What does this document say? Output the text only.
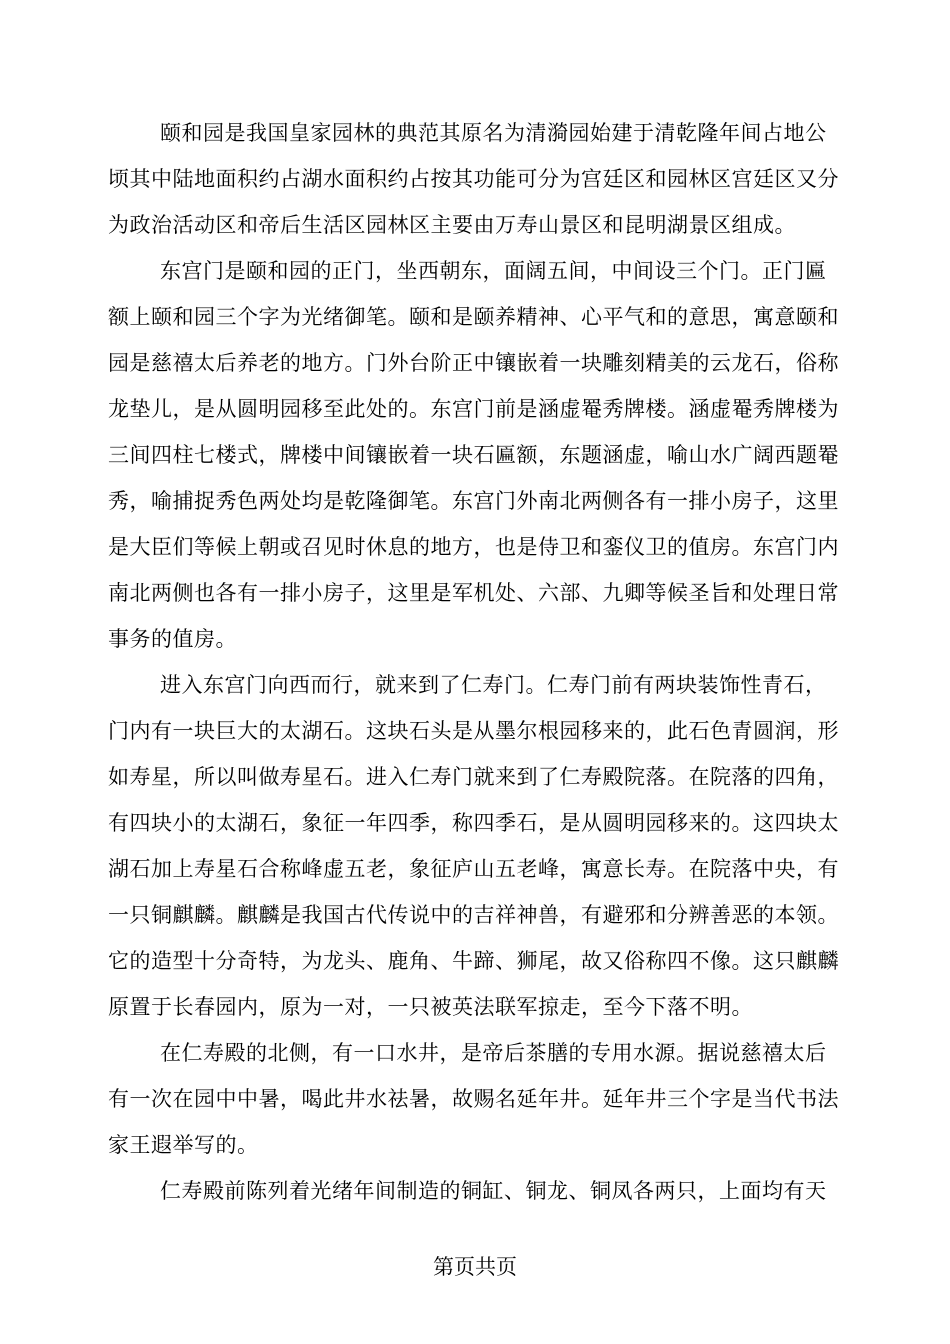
颐和园是我国皇家园林的典范其原名为清漪园始建于清乾隆年间占地公
顷其中陆地面积约占湖水面积约占按其功能可分为宫廷区和园林区宫廷区又分
为政治活动区和帝后生活区园林区主要由万寿山景区和昆明湖景区组成。
东宫门是颐和园的正门，坐西朝东，面阔五间，中间设三个门。正门匾
额上颐和园三个字为光绪御笔。颐和是颐养精神、心平气和的意思，寓意颐和
园是慈禧太后养老的地方。门外台阶正中镶嵌着一块雕刻精美的云龙石，俗称
龙垫儿，是从圆明园移至此处的。东宫门前是涵虚罨秀牌楼。涵虚罨秀牌楼为
三间四柱七楼式，牌楼中间镶嵌着一块石匾额，东题涵虚，喻山水广阔西题罨
秀，喻捕捉秀色两处均是乾隆御笔。东宫门外南北两侧各有一排小房子，这里
是大臣们等候上朝或召见时休息的地方，也是侍卫和銮仪卫的值房。东宫门内
南北两侧也各有一排小房子，这里是军机处、六部、九卿等候圣旨和处理日常
事务的值房。
进入东宫门向西而行，就来到了仁寿门。仁寿门前有两块装饰性青石，
门内有一块巨大的太湖石。这块石头是从墨尔根园移来的，此石色青圆润，形
如寿星，所以叫做寿星石。进入仁寿门就来到了仁寿殿院落。在院落的四角，
有四块小的太湖石，象征一年四季，称四季石，是从圆明园移来的。这四块太
湖石加上寿星石合称峰虚五老，象征庐山五老峰，寓意长寿。在院落中央，有
一只铜麒麟。麒麟是我国古代传说中的吉祥神兽，有避邪和分辨善恶的本领。
它的造型十分奇特，为龙头、鹿角、牛蹄、狮尾，故又俗称四不像。这只麒麟
原置于长春园内，原为一对，一只被英法联军掠走，至今下落不明。
在仁寿殿的北侧，有一口水井，是帝后茶膳的专用水源。据说慈禧太后
有一次在园中中暑，喝此井水祛暑，故赐名延年井。延年井三个字是当代书法
家王遐举写的。
仁寿殿前陈列着光绪年间制造的铜缸、铜龙、铜凤各两只，上面均有天
第页共页
